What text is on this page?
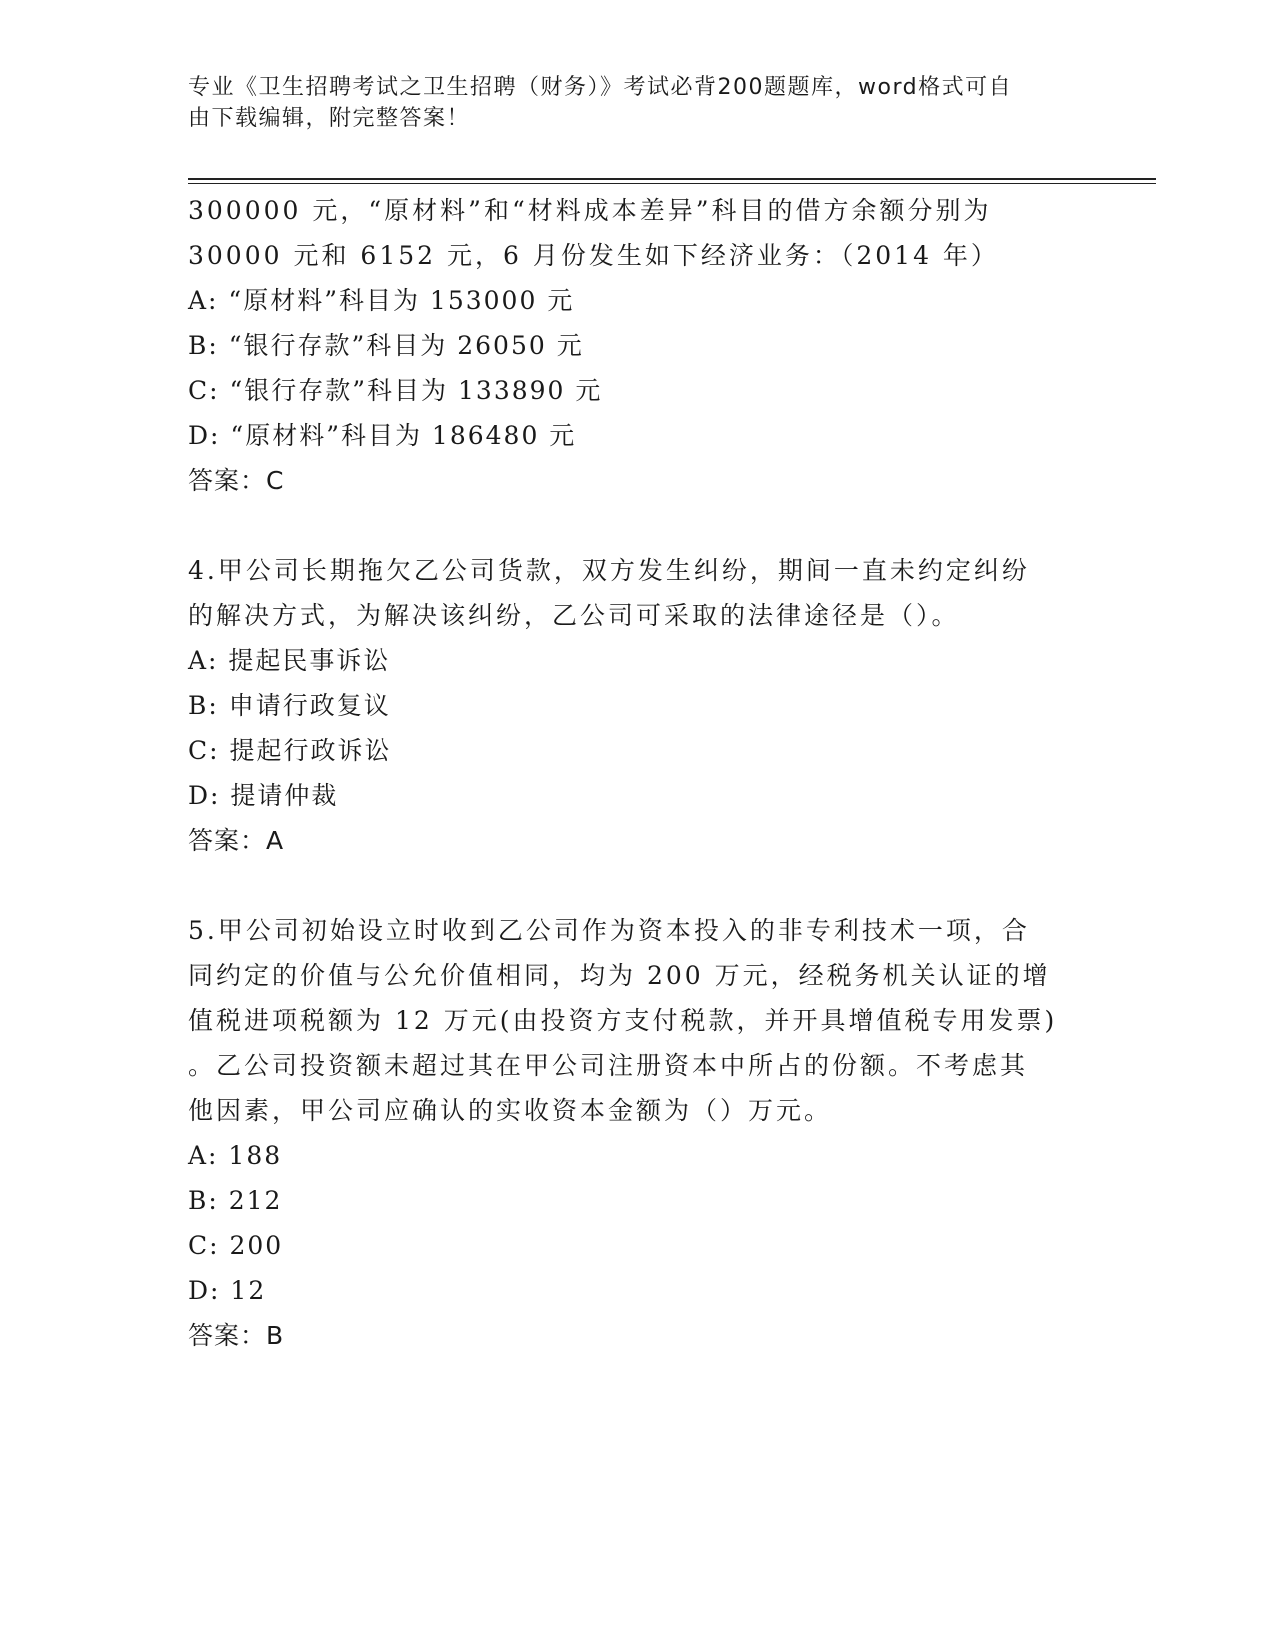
专业《卫生招聘考试之卫生招聘（财务）》考试必背200题题库，word格式可自
由下载编辑，附完整答案！
300000 元，“原材料”和“材料成本差异”科目的借方余额分别为
30000 元和 6152 元，6 月份发生如下经济业务：（2014 年）
A: “原材料”科目为 153000 元
B: “银行存款”科目为 26050 元
C: “银行存款”科目为 133890 元
D: “原材料”科目为 186480 元
答案：C
4.甲公司长期拖欠乙公司货款，双方发生纠纷，期间一直未约定纠纷
的解决方式，为解决该纠纷，乙公司可采取的法律途径是（）。
A: 提起民事诉讼
B: 申请行政复议
C: 提起行政诉讼
D: 提请仲裁
答案：A
5.甲公司初始设立时收到乙公司作为资本投入的非专利技术一项，合
同约定的价值与公允价值相同，均为 200 万元，经税务机关认证的增
值税进项税额为 12 万元(由投资方支付税款，并开具增值税专用发票)
。乙公司投资额未超过其在甲公司注册资本中所占的份额。不考虑其
他因素，甲公司应确认的实收资本金额为（）万元。
A: 188
B: 212
C: 200
D: 12
答案：B
